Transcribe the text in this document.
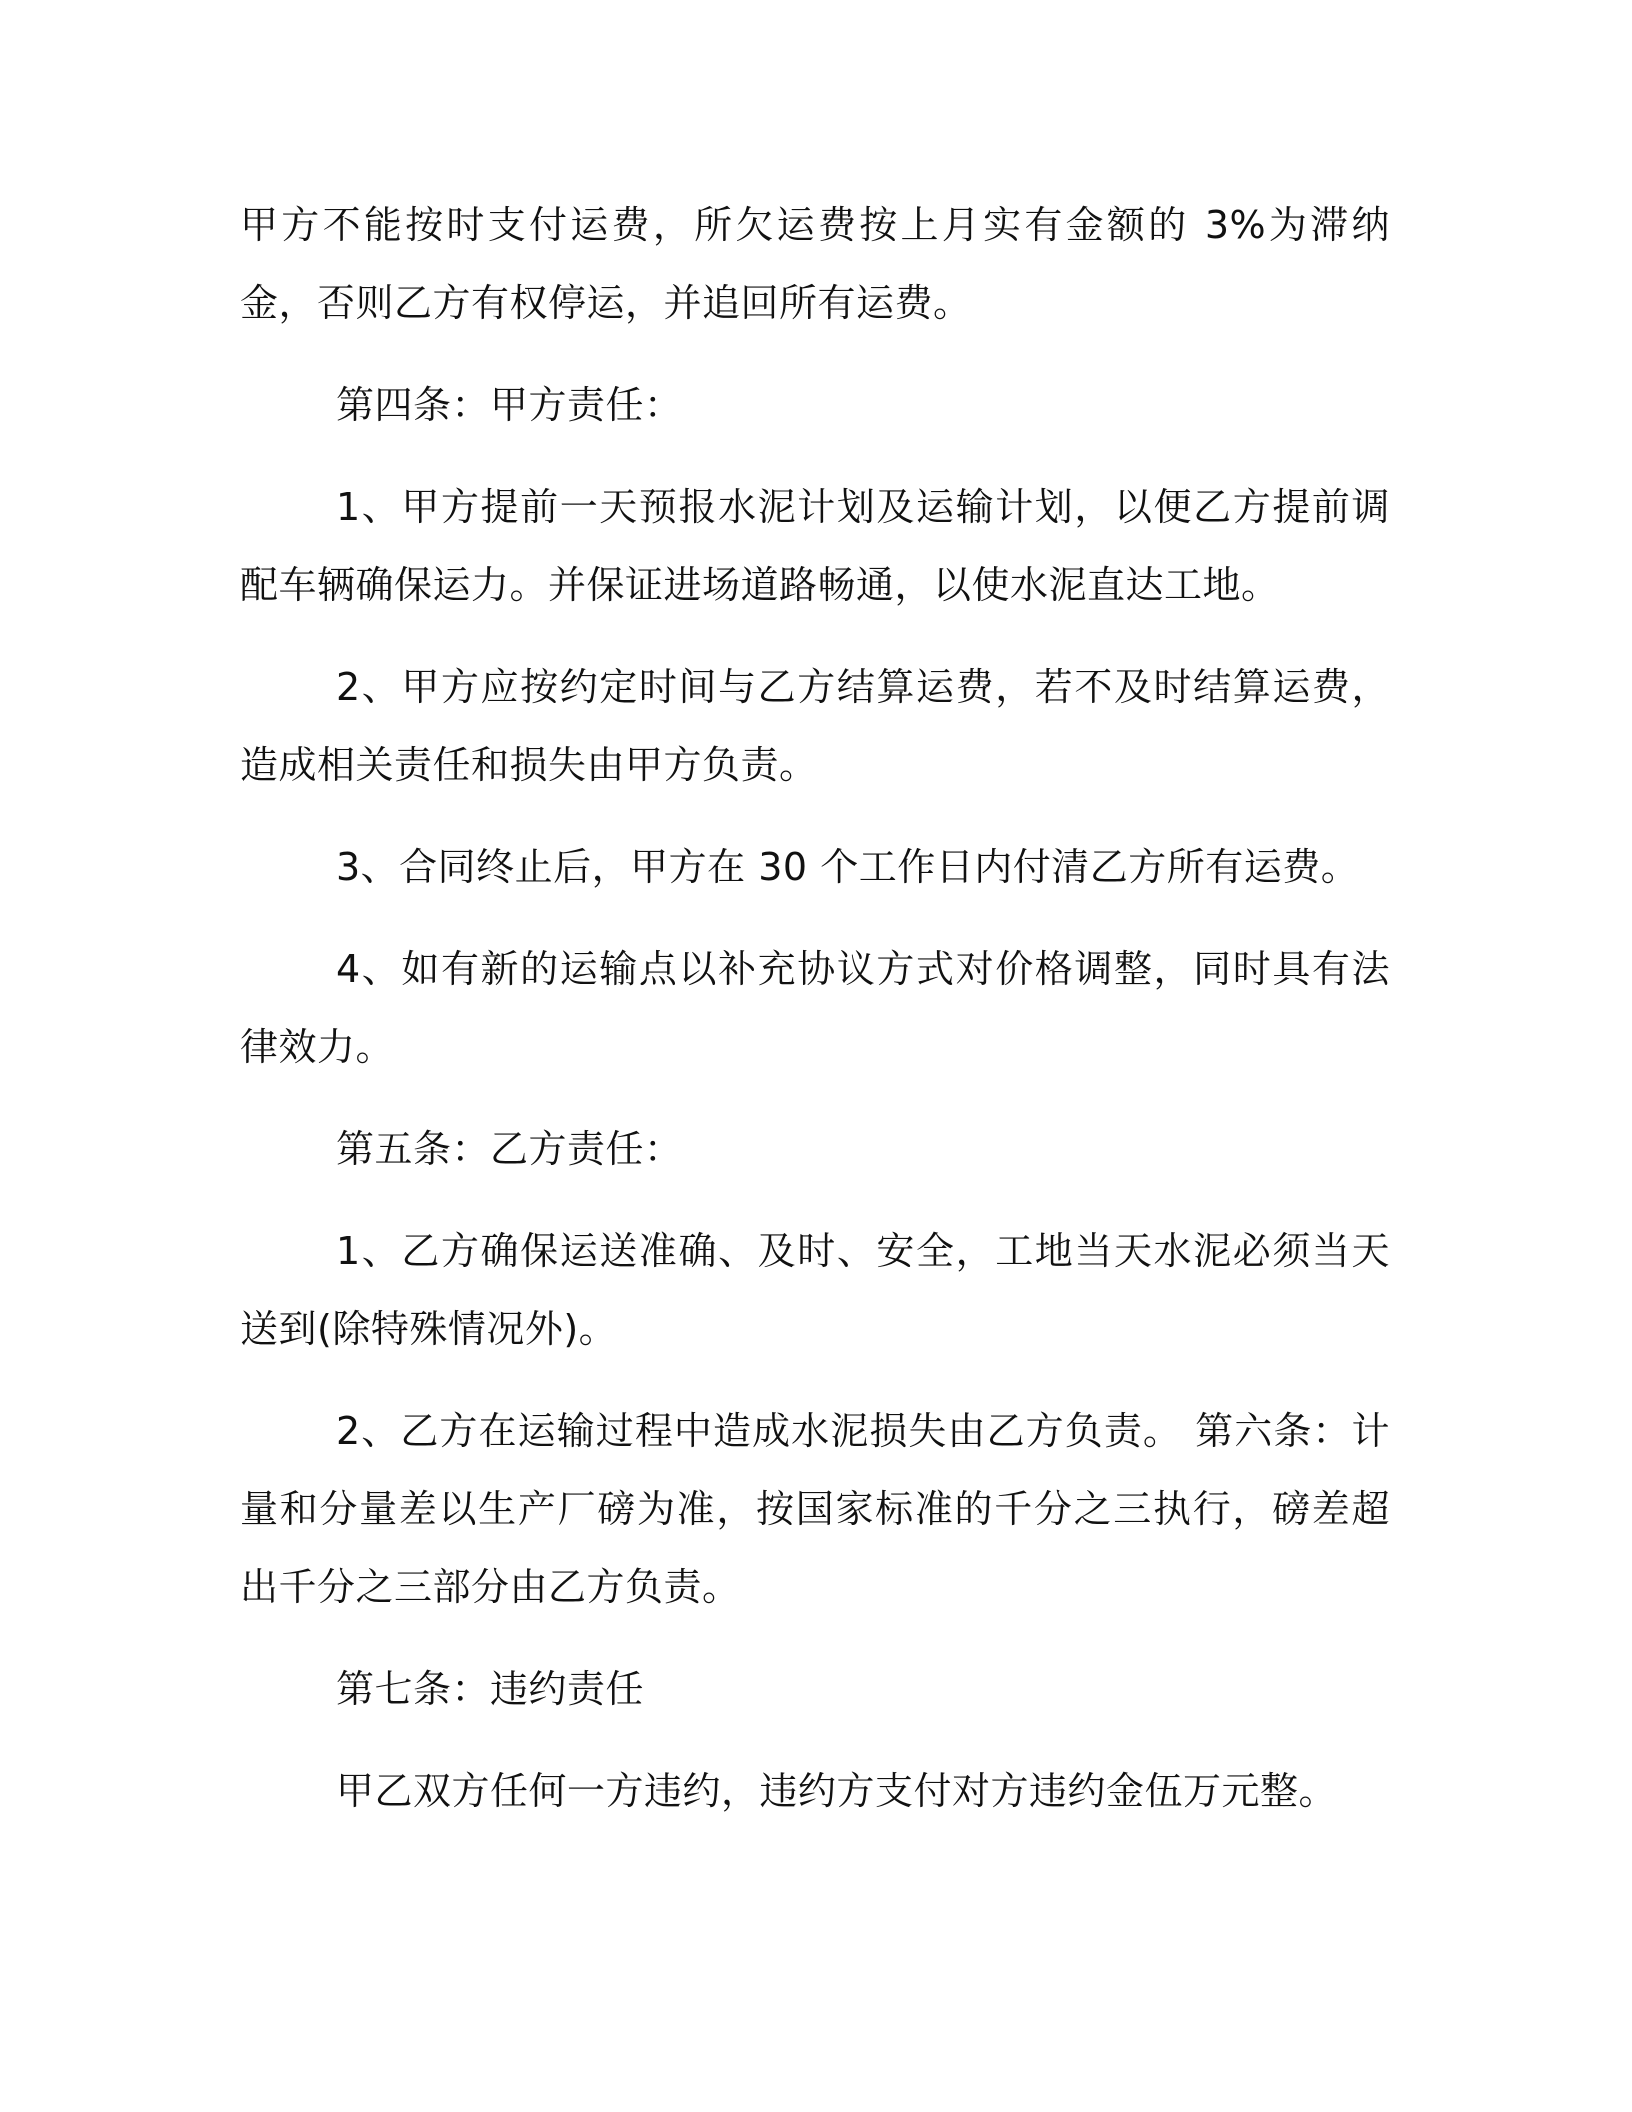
甲方不能按时支付运费，所欠运费按上月实有金额的 3%为滞纳金，否则乙方有权停运，并追回所有运费。

第四条：甲方责任：

1、甲方提前一天预报水泥计划及运输计划，以便乙方提前调配车辆确保运力。并保证进场道路畅通，以使水泥直达工地。

2、甲方应按约定时间与乙方结算运费，若不及时结算运费，造成相关责任和损失由甲方负责。

3、合同终止后，甲方在 30 个工作日内付清乙方所有运费。

4、如有新的运输点以补充协议方式对价格调整，同时具有法律效力。

第五条：乙方责任：

1、乙方确保运送准确、及时、安全，工地当天水泥必须当天送到(除特殊情况外)。

2、乙方在运输过程中造成水泥损失由乙方负责。 第六条：计量和分量差以生产厂磅为准，按国家标准的千分之三执行，磅差超出千分之三部分由乙方负责。

第七条：违约责任

甲乙双方任何一方违约，违约方支付对方违约金伍万元整。
